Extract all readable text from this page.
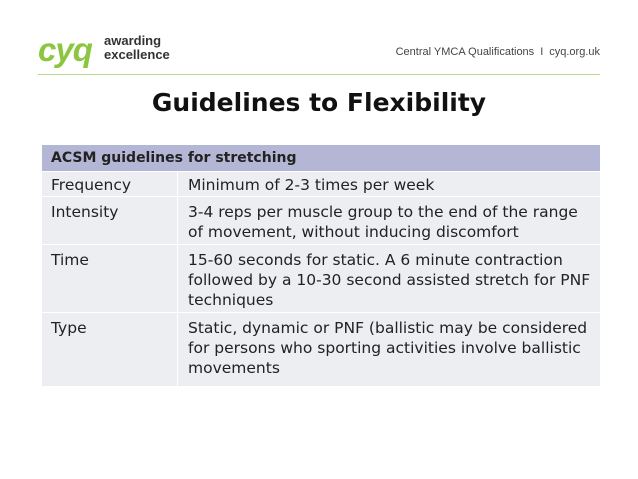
cyq awarding
excellence	Central YMCA Qualifications I cyq.org.uk
Guidelines to Flexibility
ACSM guidelines for stretching
Frequency	Minimum of 2-3 times per week
Intensity	3-4 reps per muscle group to the end of the range of movement, without inducing discomfort
Time	15-60 seconds for static. A 6 minute contraction followed by a 10-30 second assisted stretch for PNF techniques
Type	Static, dynamic or PNF (ballistic may be considered for persons who sporting activities involve ballistic movements
